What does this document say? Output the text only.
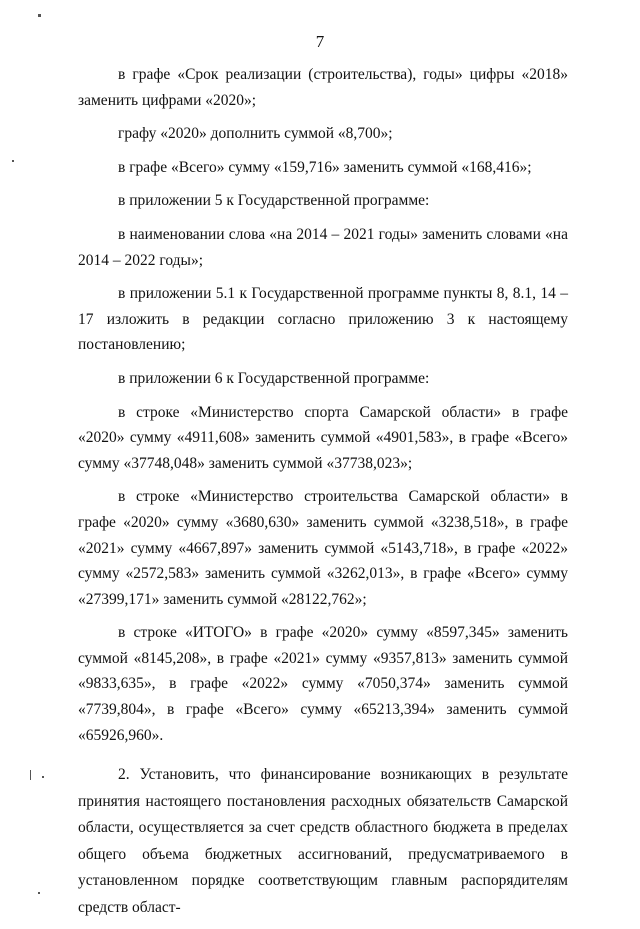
7

в графе «Срок реализации (строительства), годы» цифры «2018» заменить цифрами «2020»;

графу «2020» дополнить суммой «8,700»;

в графе «Всего» сумму «159,716» заменить суммой «168,416»;

в приложении 5 к Государственной программе:

в наименовании слова «на 2014 – 2021 годы» заменить словами «на 2014 – 2022 годы»;

в приложении 5.1 к Государственной программе пункты 8, 8.1, 14 – 17 изложить в редакции согласно приложению 3 к настоящему постановлению;

в приложении 6 к Государственной программе:

в строке «Министерство спорта Самарской области» в графе «2020» сумму «4911,608» заменить суммой «4901,583», в графе «Всего» сумму «37748,048» заменить суммой «37738,023»;

в строке «Министерство строительства Самарской области» в графе «2020» сумму «3680,630» заменить суммой «3238,518», в графе «2021» сумму «4667,897» заменить суммой «5143,718», в графе «2022» сумму «2572,583» заменить суммой «3262,013», в графе «Всего» сумму «27399,171» заменить суммой «28122,762»;

в строке «ИТОГО» в графе «2020» сумму «8597,345» заменить суммой «8145,208», в графе «2021» сумму «9357,813» заменить суммой «9833,635», в графе «2022» сумму «7050,374» заменить суммой «7739,804», в графе «Всего» сумму «65213,394» заменить суммой «65926,960».

2. Установить, что финансирование возникающих в результате принятия настоящего постановления расходных обязательств Самарской области, осуществляется за счет средств областного бюджета в пределах общего объема бюджетных ассигнований, предусматриваемого в установленном порядке соответствующим главным распорядителям средств област-
